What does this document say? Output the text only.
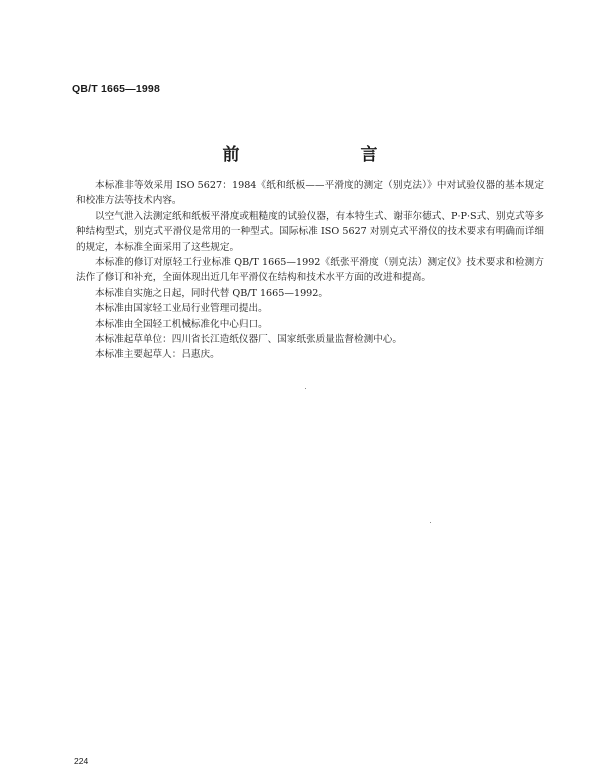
QB/T 1665—1998
前　言

本标准非等效采用 ISO 5627：1984《纸和纸板——平滑度的测定（别克法）》中对试验仪器的基本规定和校准方法等技术内容。

以空气泄入法测定纸和纸板平滑度或粗糙度的试验仪器，有本特生式、谢菲尔德式、P·P·S式、别克式等多种结构型式，别克式平滑仪是常用的一种型式。国际标准 ISO 5627 对别克式平滑仪的技术要求有明确而详细的规定，本标准全面采用了这些规定。

本标准的修订对原轻工行业标准 QB/T 1665—1992《纸张平滑度（别克法）测定仪》技术要求和检测方法作了修订和补充，全面体现出近几年平滑仪在结构和技术水平方面的改进和提高。

本标准自实施之日起，同时代替 QB/T 1665—1992。

本标准由国家轻工业局行业管理司提出。

本标准由全国轻工机械标准化中心归口。

本标准起草单位：四川省长江造纸仪器厂、国家纸张质量监督检测中心。

本标准主要起草人：吕惠庆。

224
